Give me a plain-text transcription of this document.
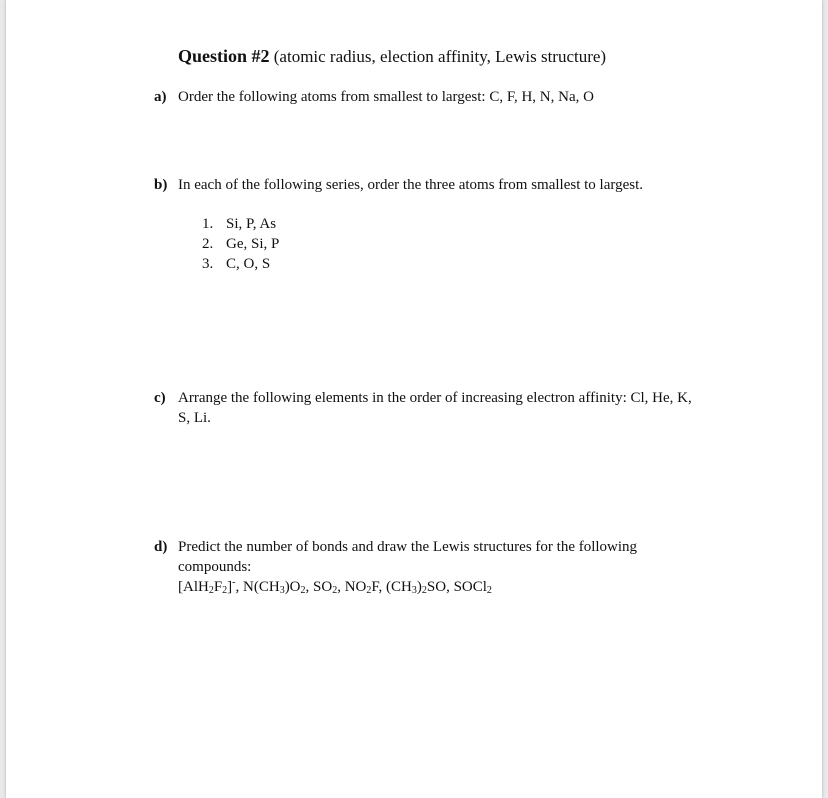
Question #2 (atomic radius, election affinity, Lewis structure)
a) Order the following atoms from smallest to largest: C, F, H, N, Na, O
b) In each of the following series, order the three atoms from smallest to largest.
1. Si, P, As
2. Ge, Si, P
3. C, O, S
c) Arrange the following elements in the order of increasing electron affinity: Cl, He, K,
S, Li.
d) Predict the number of bonds and draw the Lewis structures for the following
compounds:
$[AlH_2F_2]^-$, $N(CH_3)O_2$, $SO_2$, $NO_2F$, $(CH_3)_2SO$, SOCl$_2$
